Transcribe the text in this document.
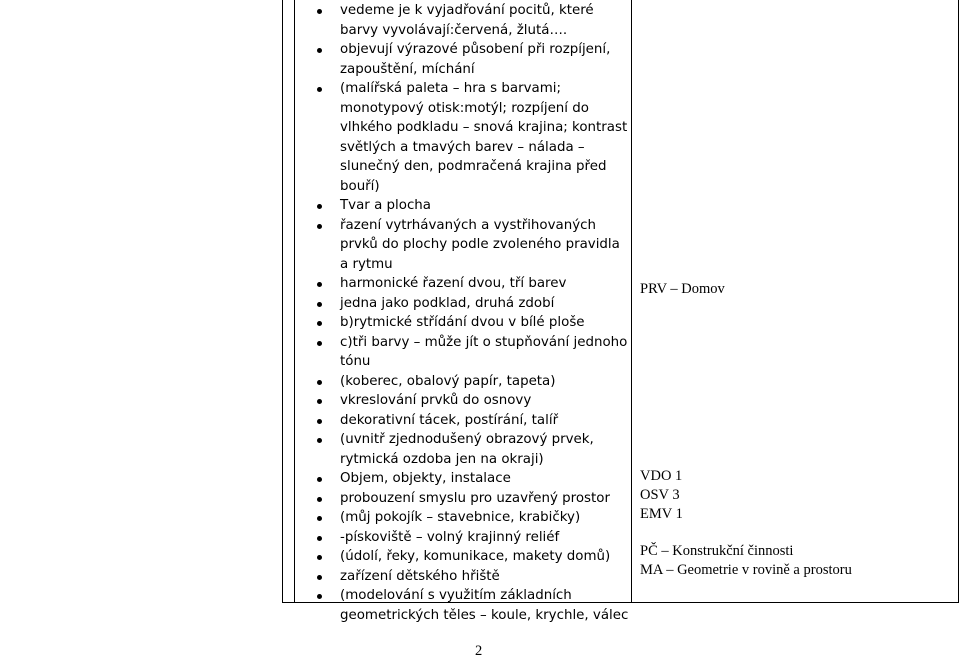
vedeme je k vyjadřování pocitů, které barvy vyvolávají:červená, žlutá….
objevují výrazové působení při rozpíjení, zapouštění, míchání
(malířská paleta – hra s barvami; monotypový otisk:motýl; rozpíjení do vlhkého podkladu – snová krajina; kontrast světlých a tmavých barev – nálada – slunečný den, podmračená krajina před bouří)
Tvar a plocha
řazení vytrhávaných a vystřihovaných prvků do plochy podle zvoleného pravidla a rytmu
harmonické řazení dvou, tří barev
jedna jako podklad, druhá zdobí
b)rytmické střídání dvou v bílé ploše
c)tři barvy – může jít o stupňování jednoho tónu
(koberec, obalový papír, tapeta)
vkreslování prvků do osnovy
dekorativní tácek, postírání, talíř
(uvnitř zjednodušený obrazový prvek, rytmická ozdoba jen na okraji)
Objem, objekty, instalace
probouzení smyslu pro uzavřený prostor
(můj pokojík – stavebnice, krabičky)
-pískoviště – volný krajinný reliéf
(údolí, řeky, komunikace, makety domů)
zařízení dětského hřiště
(modelování s využitím základních geometrických těles – koule, krychle, válec
PRV – Domov
VDO 1
OSV 3
EMV 1
PČ – Konstrukční činnosti
MA – Geometrie v rovině a prostoru
2
